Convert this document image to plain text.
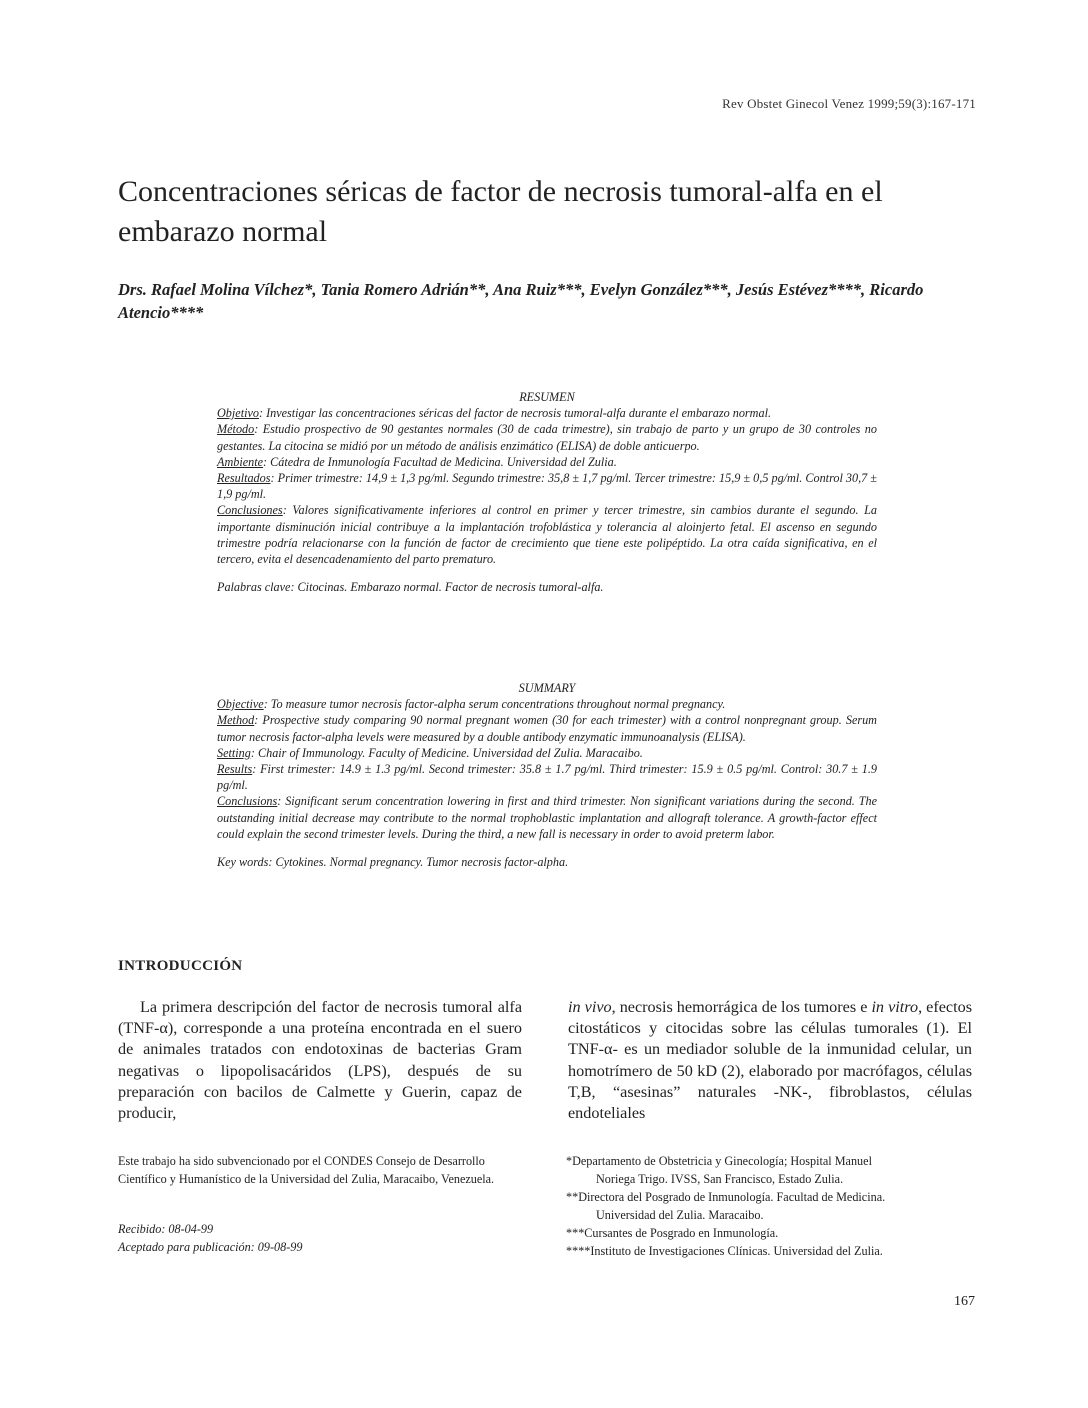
Rev Obstet Ginecol Venez 1999;59(3):167-171
Concentraciones séricas de factor de necrosis tumoral-alfa en el embarazo normal
Drs. Rafael Molina Vílchez*, Tania Romero Adrián**, Ana Ruiz***, Evelyn González***, Jesús Estévez****, Ricardo Atencio****

RESUMEN

Objetivo: Investigar las concentraciones séricas del factor de necrosis tumoral-alfa durante el embarazo normal.

Método: Estudio prospectivo de 90 gestantes normales (30 de cada trimestre), sin trabajo de parto y un grupo de 30 controles no gestantes. La citocina se midió por un método de análisis enzimático (ELISA) de doble anticuerpo.

Ambiente: Cátedra de Inmunología Facultad de Medicina. Universidad del Zulia.

Resultados: Primer trimestre: 14,9 ± 1,3 pg/ml. Segundo trimestre: 35,8 ± 1,7 pg/ml. Tercer trimestre: 15,9 ± 0,5 pg/ml. Control 30,7 ± 1,9 pg/ml.

Conclusiones: Valores significativamente inferiores al control en primer y tercer trimestre, sin cambios durante el segundo. La importante disminución inicial contribuye a la implantación trofoblástica y tolerancia al aloinjerto fetal. El ascenso en segundo trimestre podría relacionarse con la función de factor de crecimiento que tiene este polipéptido. La otra caída significativa, en el tercero, evita el desencadenamiento del parto prematuro.

Palabras clave: Citocinas. Embarazo normal. Factor de necrosis tumoral-alfa.

SUMMARY

Objective: To measure tumor necrosis factor-alpha serum concentrations throughout normal pregnancy.

Method: Prospective study comparing 90 normal pregnant women (30 for each trimester) with a control nonpregnant group. Serum tumor necrosis factor-alpha levels were measured by a double antibody enzymatic immunoanalysis (ELISA).

Setting: Chair of Immunology. Faculty of Medicine. Universidad del Zulia. Maracaibo.

Results: First trimester: 14.9 ± 1.3 pg/ml. Second trimester: 35.8 ± 1.7 pg/ml. Third trimester: 15.9 ± 0.5 pg/ml. Control: 30.7 ± 1.9 pg/ml.

Conclusions: Significant serum concentration lowering in first and third trimester. Non significant variations during the second. The outstanding initial decrease may contribute to the normal trophoblastic implantation and allograft tolerance. A growth-factor effect could explain the second trimester levels. During the third, a new fall is necessary in order to avoid preterm labor.

Key words: Cytokines. Normal pregnancy. Tumor necrosis factor-alpha.

INTRODUCCIÓN

La primera descripción del factor de necrosis tumoral alfa (TNF-α), corresponde a una proteína encontrada en el suero de animales tratados con endotoxinas de bacterias Gram negativas o lipopolisacáridos (LPS), después de su preparación con bacilos de Calmette y Guerin, capaz de producir,

in vivo, necrosis hemorrágica de los tumores e in vitro, efectos citostáticos y citocidas sobre las células tumorales (1). El TNF-α- es un mediador soluble de la inmunidad celular, un homotrímero de 50 kD (2), elaborado por macrófagos, células T,B, “asesinas” naturales -NK-, fibroblastos, células endoteliales

Este trabajo ha sido subvencionado por el CONDES Consejo de Desarrollo Científico y Humanístico de la Universidad del Zulia, Maracaibo, Venezuela.
Recibido: 08-04-99
Aceptado para publicación: 09-08-99

*Departamento de Obstetricia y Ginecología; Hospital Manuel
Noriega Trigo. IVSS, San Francisco, Estado Zulia.

**Directora del Posgrado de Inmunología. Facultad de Medicina.
Universidad del Zulia. Maracaibo.

***Cursantes de Posgrado en Inmunología.

****Instituto de Investigaciones Clínicas. Universidad del Zulia.

167
